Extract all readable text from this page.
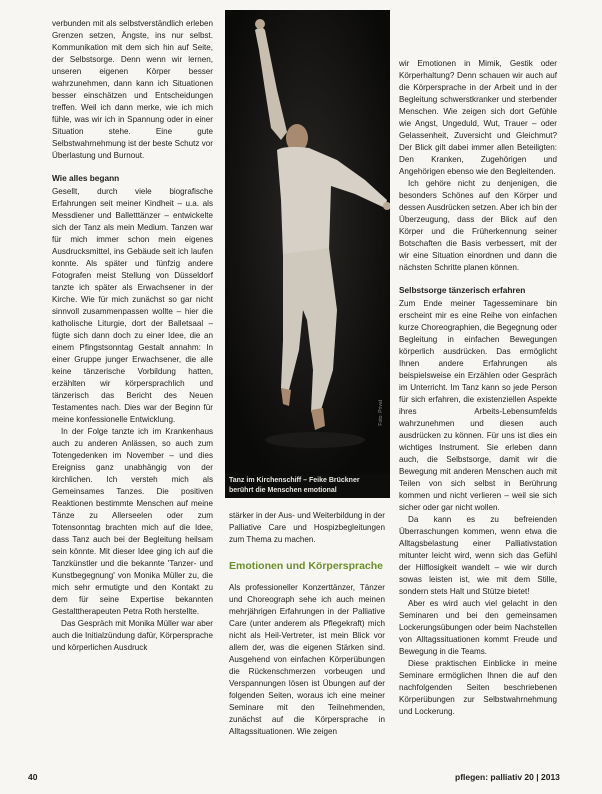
verbunden mit als selbstverständlich erleben Grenzen setzen, Ängste, ins nur selbst. Kommunikation mit dem sich hin auf Seite, der Selbstsorge. Denn wenn wir lernen, unseren eigenen Körper besser wahrzunehmen, dann kann ich Situationen besser einschätzen und Entscheidungen treffen. Weil ich dann merke, wie ich mich fühle, was wir ich in Spannung oder in einer Situation stehe. Eine gute Selbstwahrnehmung ist der beste Schutz vor Überlastung und Burnout.

Wie alles begann

Gesellt, durch viele biografische Erfahrungen seit meiner Kindheit – u.a. als Messdiener und Balletttänzer – entwickelte sich der Tanz als mein Medium. Tanzen war für mich immer schon mein eigenes Ausdrucksmittel, ins Gebäude seit ich laufen konnte. Als später und fünfzig andere Fotografen meist Stellung von Düsseldorf tanzte ich später als Erwachsener in der Kirche. Wie für mich zunächst so gar nicht sinnvoll zusammenpassen wollte – hier die katholische Liturgie, dort der Balletsaal – fügte sich dann doch zu einer Idee, die an einem Pfingstsonntag Gestalt annahm: In einer Gruppe junger Erwachsener, die alle keine tänzerische Vorbildung hatten, erzählten wir körpersprachlich und tänzerisch das Bericht des Neuen Testamentes nach. Dies war der Beginn für meine konfessionelle Entwicklung.

In der Folge tanzte ich im Krankenhaus auch zu anderen Anlässen, so auch zum Totengedenken im November – und dies Ereigniss ganz unabhängig von der kirchlichen. Ich versteh mich als Gemeinsames Tanzes. Die positiven Reaktionen bestimmte Menschen auf meine Tänze zu Allerseelen oder zum Totensonntag brachten mich auf die Idee, dass Tanz auch bei der Begleitung heilsam sein könnte. Mit dieser Idee ging ich auf die Tanzkünstler und die bekannte 'Tanzer- und Kunstbegegnung' von Monika Müller zu, die mich sehr ermutigte und den Kontakt zu dem für seine Expertise bekannten Gestalttherapeuten Petra Roth herstellte.

Das Gespräch mit Monika Müller war aber auch die Initialzündung dafür, Körpersprache und körperlichen Ausdruck

Foto: Privat
Tanz im Kirchenschiff – Feike Brückner berührt die Menschen emotional

stärker in der Aus- und Weiterbildung in der Palliative Care und Hospizbegleitungen zum Thema zu machen.

Emotionen und Körpersprache

Als professioneller Konzerttänzer, Tänzer und Choreograph sehe ich auch meinen mehrjährigen Erfahrungen in der Palliative Care (unter anderem als Pflegekraft) mich nicht als Heil-Vertreter, ist mein Blick vor allem der, was die eigenen Stärken sind. Ausgehend von einfachen Körperübungen die Rückenschmerzen vorbeugen und Verspannungen lösen ist Übungen auf der folgenden Seiten, woraus ich eine meiner Seminare mit den Teilnehmenden, zunächst auf die Körpersprache in Alltagssituationen. Wie zeigen

wir Emotionen in Mimik, Gestik oder Körperhaltung? Denn schauen wir auch auf die Körpersprache in der Arbeit und in der Begleitung schwerstkranker und sterbender Menschen. Wie zeigen sich dort Gefühle wie Angst, Ungeduld, Wut, Trauer – oder Gelassenheit, Zuversicht und Gleichmut? Der Blick gilt dabei immer allen Beteiligten: Den Kranken, Zugehörigen und Angehörigen ebenso wie den Begleitenden.

Ich gehöre nicht zu denjenigen, die besonders Schönes auf den Körper und dessen Ausdrücken setzen. Aber ich bin der Überzeugung, dass der Blick auf den Körper und die Früherkennung seiner Botschaften die Basis verbessert, mit der wir eine Situation einordnen und dann die nächsten Schritte planen können.

Selbstsorge tänzerisch erfahren

Zum Ende meiner Tagesseminare bin erscheint mir es eine Reihe von einfachen kurze Choreographien, die Begegnung oder Begleitung in einfachen Bewegungen körperlich ausdrücken. Das ermöglicht Ihnen andere Erfahrungen als beispielsweise ein Erzählen oder Gespräch im Unterricht. Im Tanz kann so jede Person für sich erfahren, die existenziellen Aspekte ihres Arbeits-Lebensumfelds wahrzunehmen und diesen auch ausdrücken zu können. Für uns ist dies ein wichtiges Instrument. Sie erleben dann auch, die Selbstsorge, damit wir die Bewegung mit anderen Menschen auch mit Teilen von sich selbst in Berührung kommen und nicht verlieren – weil sie sich sicher oder gar nicht wollen.

Da kann es zu befreienden Überraschungen kommen, wenn etwa die Alltagsbelastung einer Palliativstation mitunter leicht wird, wenn sich das Gefühl der Hilflosigkeit wandelt – wie wir durch sowas leisten ist, wie mit dem Stille, sondern stets Halt und Stütze bietet!

Aber es wird auch viel gelacht in den Seminaren und bei den gemeinsamen Lockerungsübungen oder beim Nachstellen von Alltagssituationen kommt Freude und Bewegung in die Teams.

Diese praktischen Einblicke in meine Seminare ermöglichen Ihnen die auf den nachfolgenden Seiten beschriebenen Körperübungen zur Selbstwahrnehmung und Lockerung.

40	pflegen: palliativ 20 | 2013
